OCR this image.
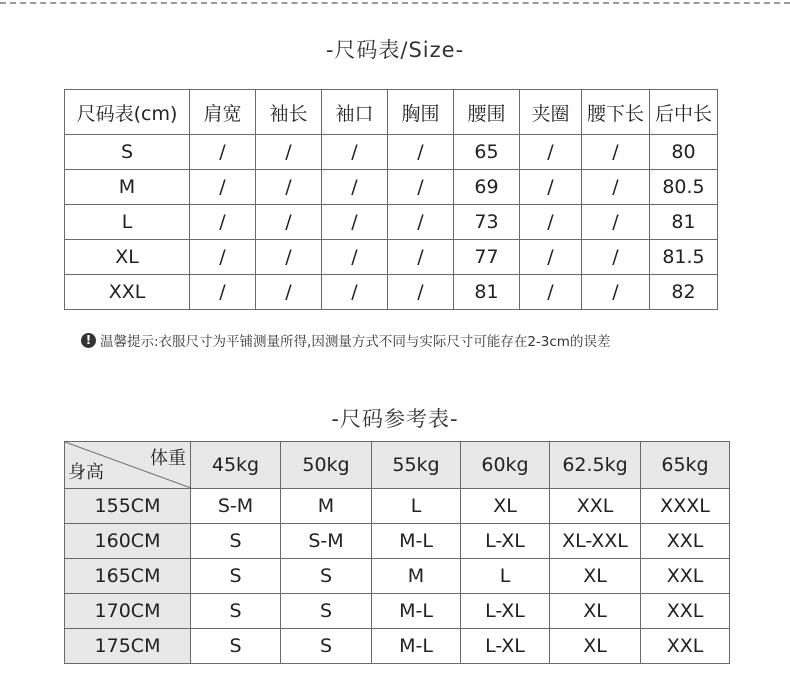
-尺码表/Size-
尺码表(cm)	肩宽	袖长	袖口	胸围	腰围	夹圈	腰下长	后中长
S	/	/	/	/	65	/	/	80
M	/	/	/	/	69	/	/	80.5
L	/	/	/	/	73	/	/	81
XL	/	/	/	/	77	/	/	81.5
XXL	/	/	/	/	81	/	/	82
! 温馨提示:衣服尺寸为平铺测量所得,因测量方式不同与实际尺寸可能存在2-3cm的误差
-尺码参考表-
体重
身高	45kg	50kg	55kg	60kg	62.5kg	65kg
155CM	S-M	M	L	XL	XXL	XXXL
160CM	S	S-M	M-L	L-XL	XL-XXL	XXL
165CM	S	S	M	L	XL	XXL
170CM	S	S	M-L	L-XL	XL	XXL
175CM	S	S	M-L	L-XL	XL	XXL
